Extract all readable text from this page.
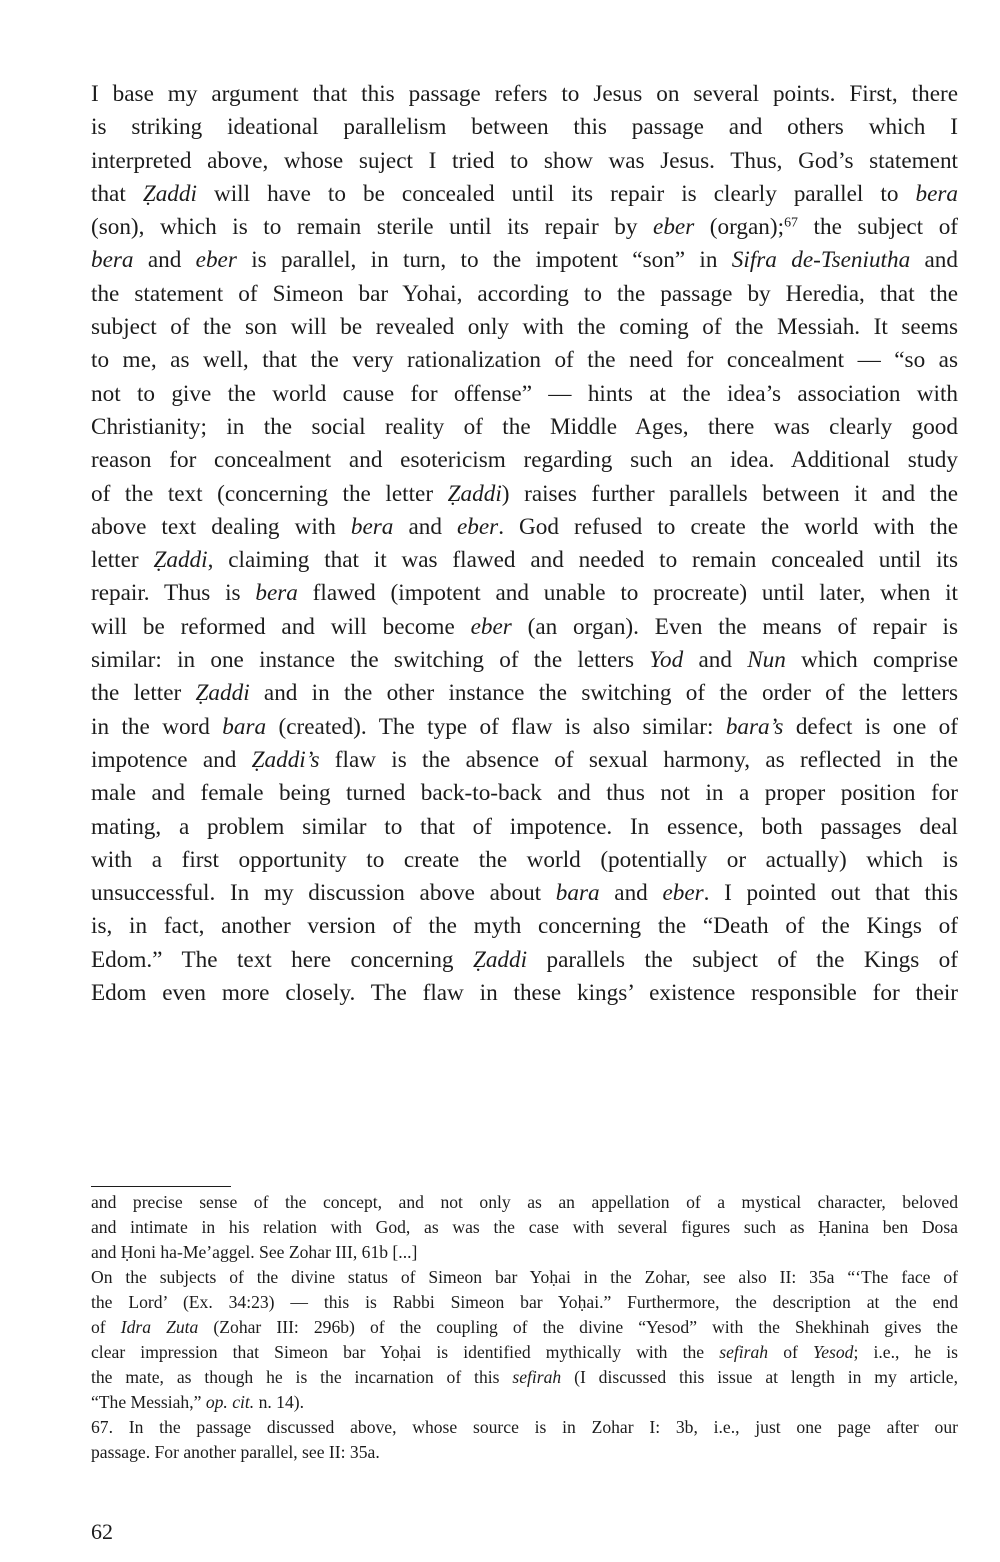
I base my argument that this passage refers to Jesus on several points. First, there
is striking ideational parallelism between this passage and others which I
interpreted above, whose suject I tried to show was Jesus. Thus, God’s statement
that Ẓaddi will have to be concealed until its repair is clearly parallel to bera
(son), which is to remain sterile until its repair by eber (organ);$^{67}$ the subject of
bera and eber is parallel, in turn, to the impotent “son” in Sifra de-Tseniutha and
the statement of Simeon bar Yohai, according to the passage by Heredia, that the
subject of the son will be revealed only with the coming of the Messiah. It seems
to me, as well, that the very rationalization of the need for concealment — “so as
not to give the world cause for offense” — hints at the idea’s association with
Christianity; in the social reality of the Middle Ages, there was clearly good
reason for concealment and esotericism regarding such an idea. Additional study
of the text (concerning the letter Ẓaddi) raises further parallels between it and the
above text dealing with bera and eber. God refused to create the world with the
letter Ẓaddi, claiming that it was flawed and needed to remain concealed until its
repair. Thus is bera flawed (impotent and unable to procreate) until later, when it
will be reformed and will become eber (an organ). Even the means of repair is
similar: in one instance the switching of the letters Yod and Nun which comprise
the letter Ẓaddi and in the other instance the switching of the order of the letters
in the word bara (created). The type of flaw is also similar: bara’s defect is one of
impotence and Ẓaddi’s flaw is the absence of sexual harmony, as reflected in the
male and female being turned back-to-back and thus not in a proper position for
mating, a problem similar to that of impotence. In essence, both passages deal
with a first opportunity to create the world (potentially or actually) which is
unsuccessful. In my discussion above about bara and eber. I pointed out that this
is, in fact, another version of the myth concerning the “Death of the Kings of
Edom.” The text here concerning Ẓaddi parallels the subject of the Kings of
Edom even more closely. The flaw in these kings’ existence responsible for their
and precise sense of the concept, and not only as an appellation of a mystical character, beloved
and intimate in his relation with God, as was the case with several figures such as Ḥanina ben Dosa
and Ḥoni ha-Me’aggel. See Zohar III, 61b [...]
On the subjects of the divine status of Simeon bar Yoḥai in the Zohar, see also II: 35a “‘The face of
the Lord’ (Ex. 34:23) — this is Rabbi Simeon bar Yoḥai.” Furthermore, the description at the end
of Idra Zuta (Zohar III: 296b) of the coupling of the divine “Yesod” with the Shekhinah gives the
clear impression that Simeon bar Yoḥai is identified mythically with the sefirah of Yesod; i.e., he is
the mate, as though he is the incarnation of this sefirah (I discussed this issue at length in my article,
“The Messiah,” op. cit. n. 14).
67. In the passage discussed above, whose source is in Zohar I: 3b, i.e., just one page after our
passage. For another parallel, see II: 35a.
62
